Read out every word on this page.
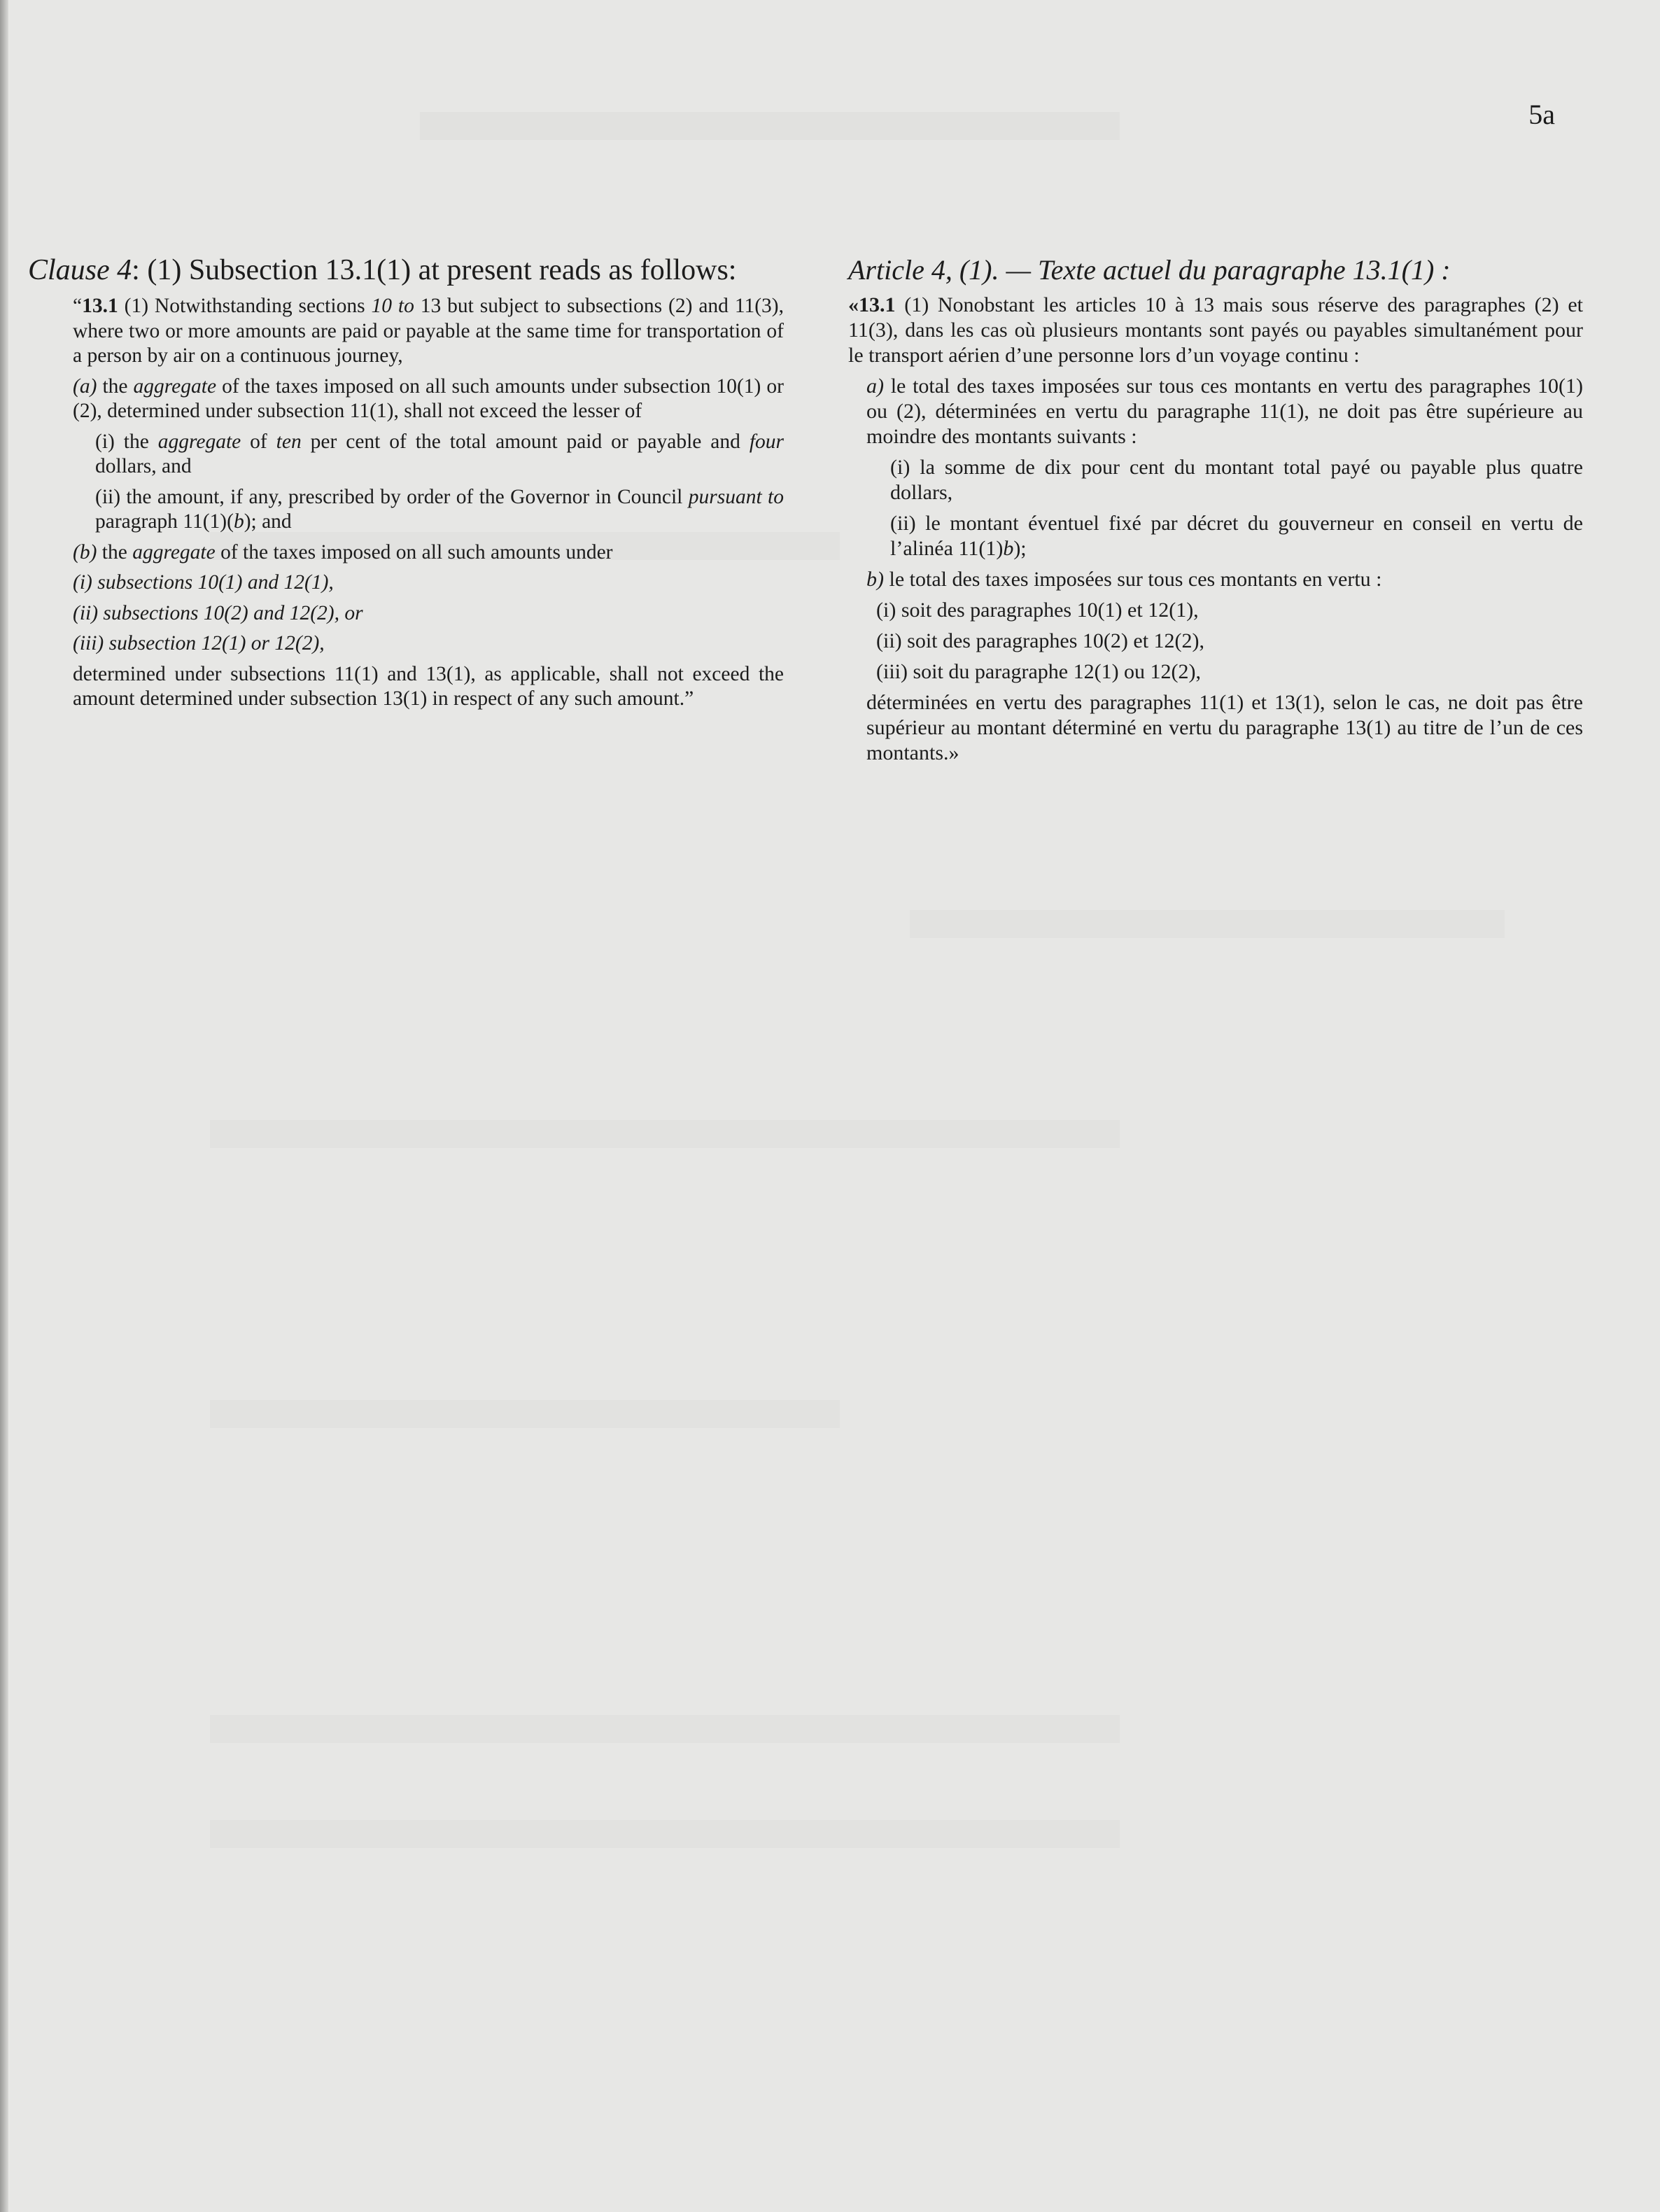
5a

Clause 4: (1) Subsection 13.1(1) at present reads as follows:

“13.1 (1) Notwithstanding sections 10 to 13 but subject to subsections (2) and 11(3), where two or more amounts are paid or payable at the same time for transportation of a person by air on a continuous journey,

(a) the aggregate of the taxes imposed on all such amounts under subsection 10(1) or (2), determined under subsection 11(1), shall not exceed the lesser of

(i) the aggregate of ten per cent of the total amount paid or payable and four dollars, and

(ii) the amount, if any, prescribed by order of the Governor in Council pursuant to paragraph 11(1)(b); and

(b) the aggregate of the taxes imposed on all such amounts under

(i) subsections 10(1) and 12(1),

(ii) subsections 10(2) and 12(2), or

(iii) subsection 12(1) or 12(2),

determined under subsections 11(1) and 13(1), as applicable, shall not exceed the amount determined under subsection 13(1) in respect of any such amount.”

Article 4, (1). — Texte actuel du paragraphe 13.1(1) :

«13.1 (1) Nonobstant les articles 10 à 13 mais sous réserve des paragraphes (2) et 11(3), dans les cas où plusieurs montants sont payés ou payables simultanément pour le transport aérien d’une personne lors d’un voyage continu :

a) le total des taxes imposées sur tous ces montants en vertu des paragraphes 10(1) ou (2), déterminées en vertu du paragraphe 11(1), ne doit pas être supérieure au moindre des montants suivants :

(i) la somme de dix pour cent du montant total payé ou payable plus quatre dollars,

(ii) le montant éventuel fixé par décret du gouverneur en conseil en vertu de l’alinéa 11(1)b);

b) le total des taxes imposées sur tous ces montants en vertu :

(i) soit des paragraphes 10(1) et 12(1),

(ii) soit des paragraphes 10(2) et 12(2),

(iii) soit du paragraphe 12(1) ou 12(2),

déterminées en vertu des paragraphes 11(1) et 13(1), selon le cas, ne doit pas être supérieur au montant déterminé en vertu du paragraphe 13(1) au titre de l’un de ces montants.»
